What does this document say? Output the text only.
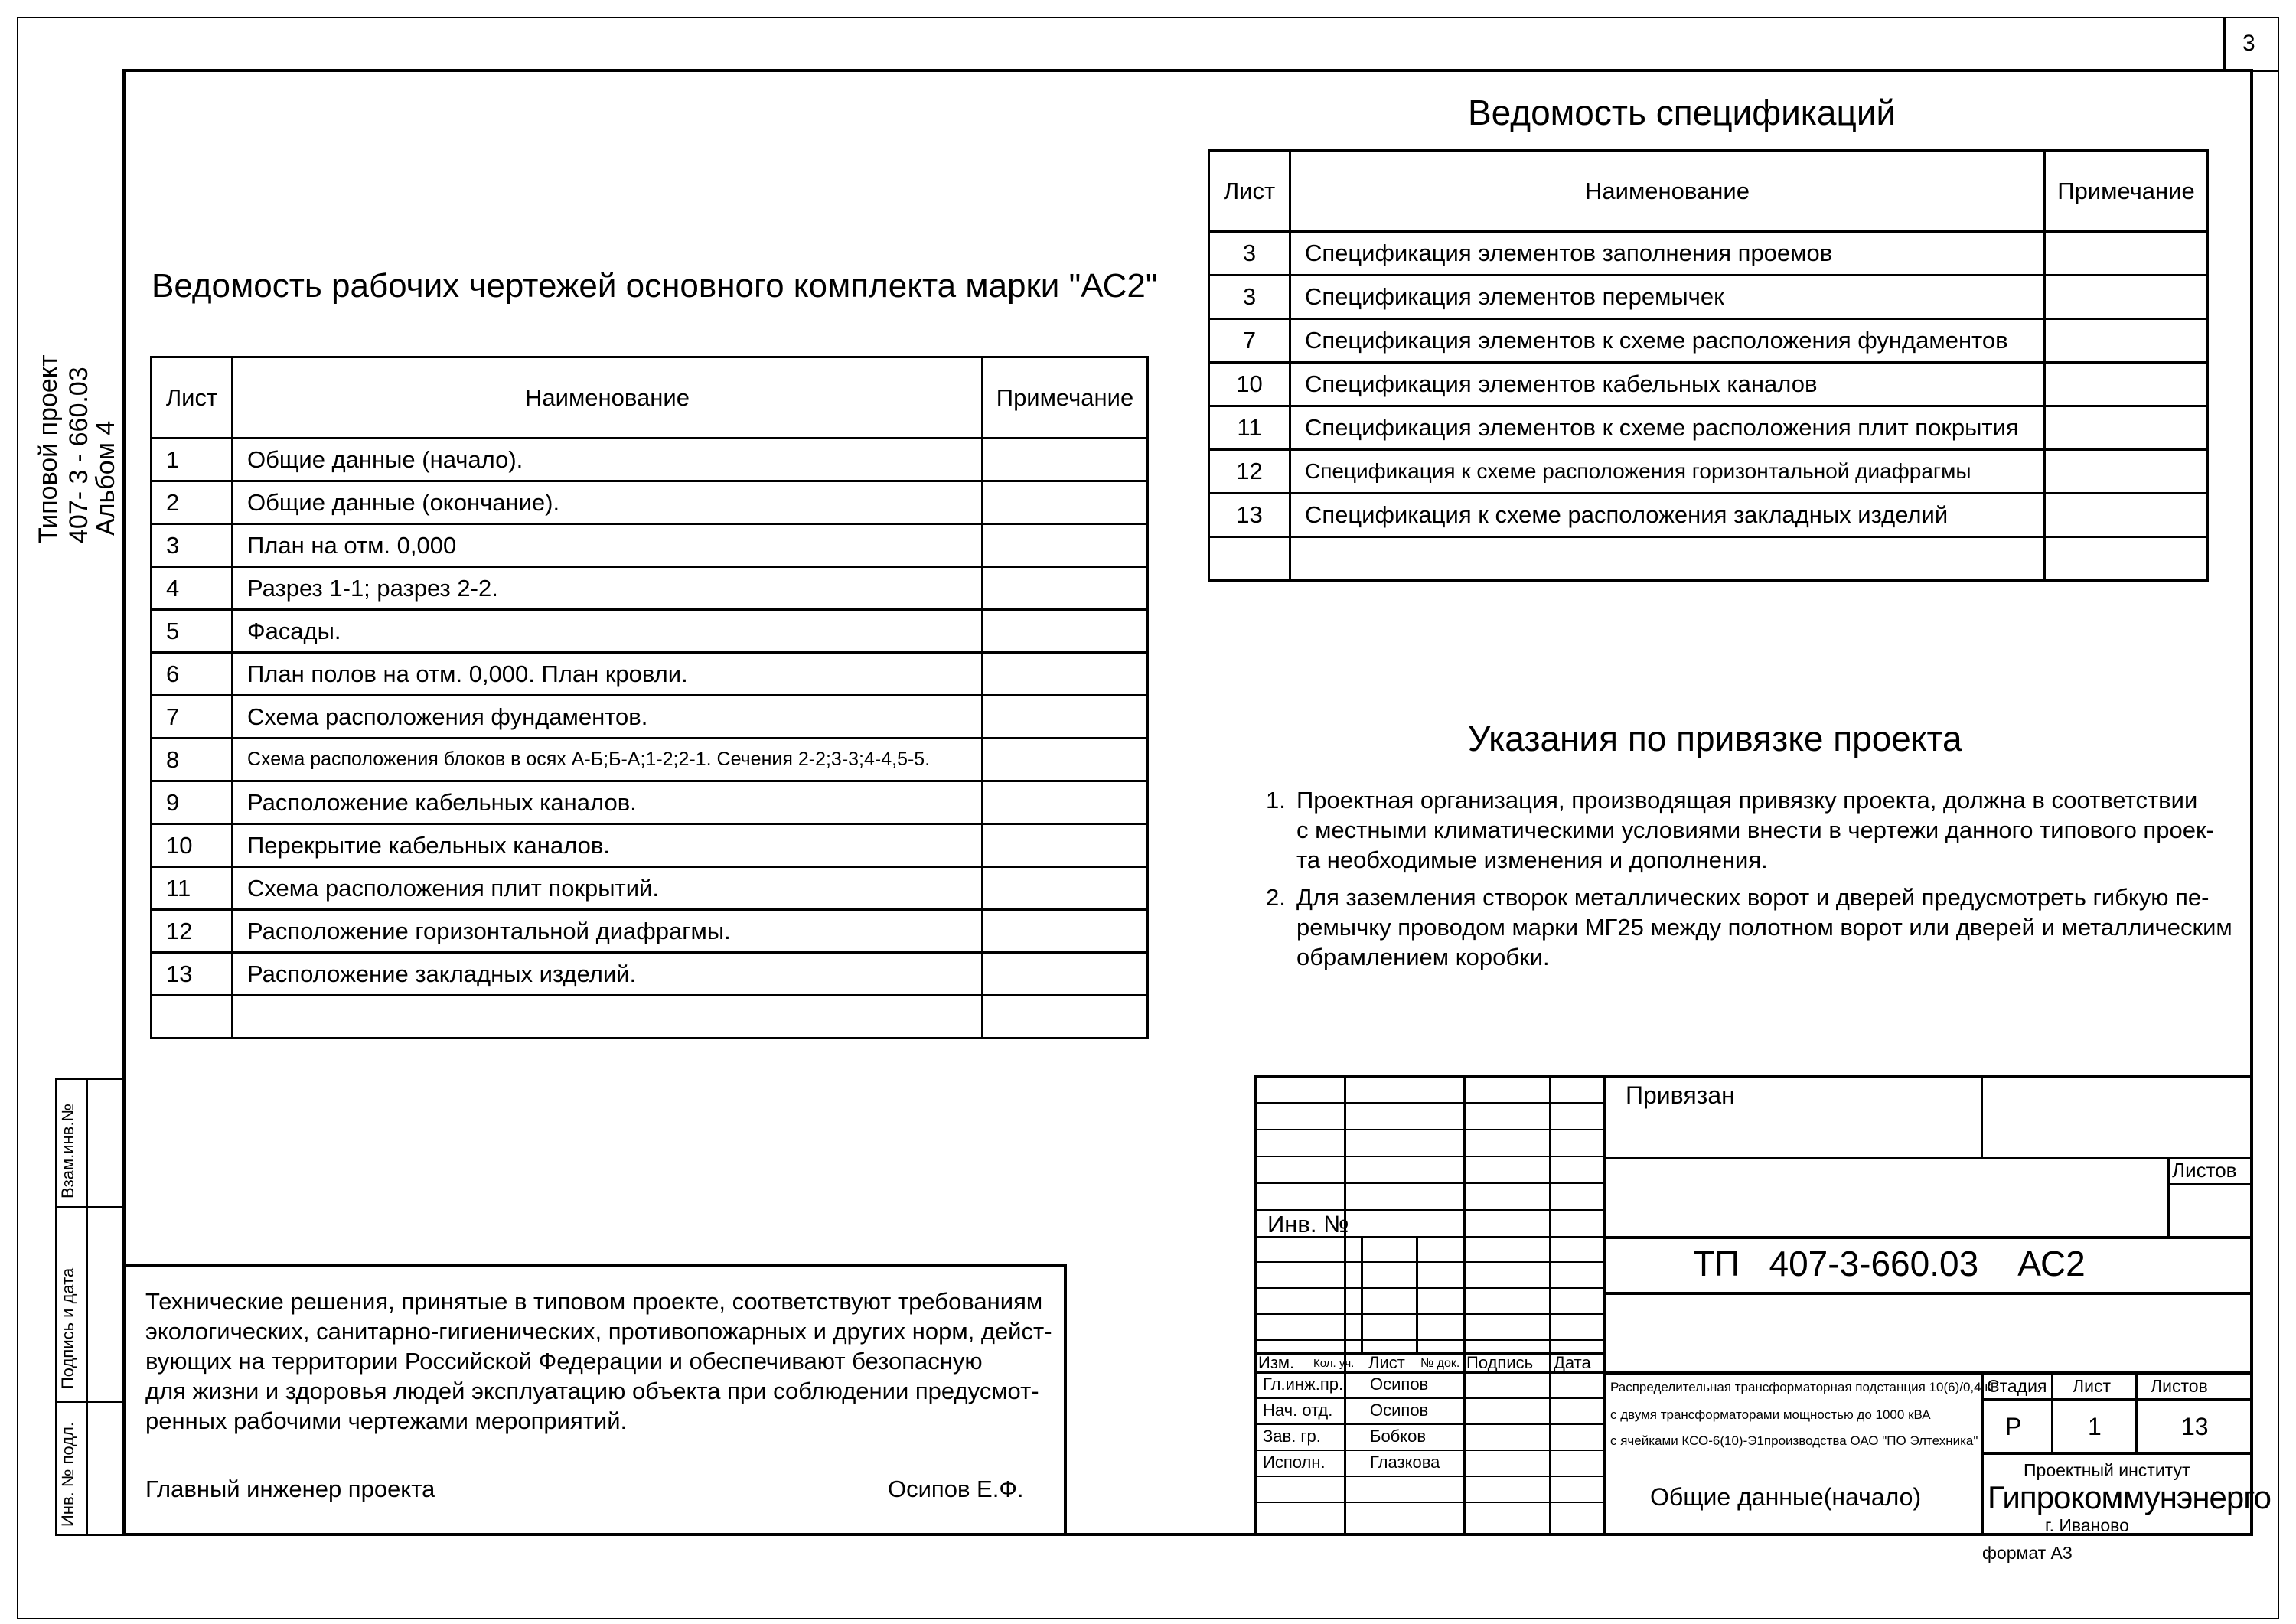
3
Типовой проект 407- 3 - 660.03
Альбом 4
Взам.инв.№
Подпись и дата
Инв. № подл.
Ведомость рабочих чертежей основного комплекта марки "АС2"
Лист	Наименование	Примечание
1	Общие данные (начало).	
2	Общие данные (окончание).	
3	План на отм. 0,000	
4	Разрез 1-1; разрез 2-2.	
5	Фасады.	
6	План полов на отм. 0,000. План кровли.	
7	Схема расположения фундаментов.	
8	Схема расположения блоков в осях А-Б;Б-А;1-2;2-1. Сечения 2-2;3-3;4-4,5-5.	
9	Расположение кабельных каналов.	
10	Перекрытие кабельных каналов.	
11	Схема расположения плит покрытий.	
12	Расположение горизонтальной диафрагмы.	
13	Расположение закладных изделий.	

Ведомость спецификаций
Лист	Наименование	Примечание
3	Спецификация элементов заполнения проемов	
3	Спецификация элементов перемычек	
7	Спецификация элементов к схеме расположения фундаментов	
10	Спецификация элементов кабельных каналов	
11	Спецификация элементов к схеме расположения плит покрытия	
12	Спецификация к схеме расположения горизонтальной диафрагмы	
13	Спецификация к схеме расположения закладных изделий	

Указания по привязке проекта
1. Проектная организация, производящая привязку проекта, должна в соответствии
с местными климатическими условиями внести в чертежи данного типового проек-
та необходимые изменения и дополнения.
2. Для заземления створок металлических ворот и дверей предусмотреть гибкую пе-
ремычку проводом марки МГ25 между полотном ворот или дверей и металлическим
обрамлением коробки.
Технические решения, принятые в типовом проекте, соответствуют требованиям
экологических, санитарно-гигиенических, противопожарных и других норм, дейст-
вующих на территории Российской Федерации и обеспечивают безопасную
для жизни и здоровья людей эксплуатацию объекта при соблюдении предусмот-
ренных рабочими чертежами мероприятий.
Главный инженер проекта	Осипов Е.Ф.
Инв. №
Изм. Кол. уч. Лист № док. Подпись Дата
Гл.инж.пр. Осипов
Нач. отд. Осипов
Зав. гр.	Бобков
Исполн.	Глазкова
Привязан
Листов
ТП   407-3-660.03    АС2
Распределительная трансформаторная подстанция 10(6)/0,4 кВ
с двумя трансформаторами мощностью до 1000 кВА
с ячейками КСО-6(10)-Э1производства ОАО "ПО Элтехника"
Общие данные(начало)
Стадия Лист Листов
Р	1	13
Проектный институт
Гипрокоммунэнерго
г. Иваново
формат А3
